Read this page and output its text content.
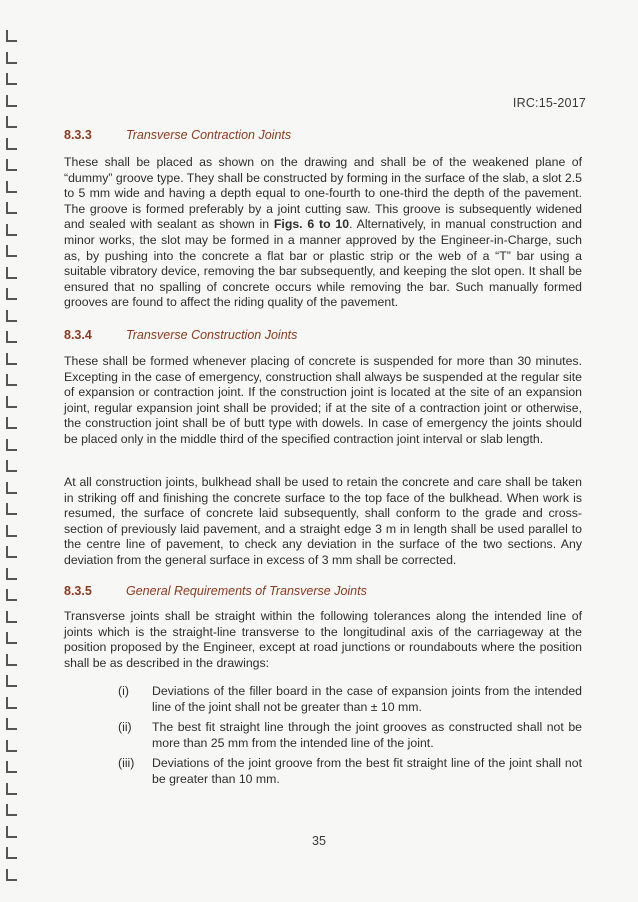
IRC:15-2017
8.3.3	Transverse Contraction Joints
These shall be placed as shown on the drawing and shall be of the weakened plane of “dummy” groove type. They shall be constructed by forming in the surface of the slab, a slot 2.5 to 5 mm wide and having a depth equal to one-fourth to one-third the depth of the pavement. The groove is formed preferably by a joint cutting saw. This groove is subsequently widened and sealed with sealant as shown in Figs. 6 to 10. Alternatively, in manual construction and minor works, the slot may be formed in a manner approved by the Engineer-in-Charge, such as, by pushing into the concrete a flat bar or plastic strip or the web of a “T” bar using a suitable vibratory device, removing the bar subsequently, and keeping the slot open. It shall be ensured that no spalling of concrete occurs while removing the bar. Such manually formed grooves are found to affect the riding quality of the pavement.
8.3.4	Transverse Construction Joints
These shall be formed whenever placing of concrete is suspended for more than 30 minutes. Excepting in the case of emergency, construction shall always be suspended at the regular site of expansion or contraction joint. If the construction joint is located at the site of an expansion joint, regular expansion joint shall be provided; if at the site of a contraction joint or otherwise, the construction joint shall be of butt type with dowels. In case of emergency the joints should be placed only in the middle third of the specified contraction joint interval or slab length.
At all construction joints, bulkhead shall be used to retain the concrete and care shall be taken in striking off and finishing the concrete surface to the top face of the bulkhead. When work is resumed, the surface of concrete laid subsequently, shall conform to the grade and cross-section of previously laid pavement, and a straight edge 3 m in length shall be used parallel to the centre line of pavement, to check any deviation in the surface of the two sections. Any deviation from the general surface in excess of 3 mm shall be corrected.
8.3.5	General Requirements of Transverse Joints
Transverse joints shall be straight within the following tolerances along the intended line of joints which is the straight-line transverse to the longitudinal axis of the carriageway at the position proposed by the Engineer, except at road junctions or roundabouts where the position shall be as described in the drawings:
(i)	Deviations of the filler board in the case of expansion joints from the intended line of the joint shall not be greater than ± 10 mm.
(ii)	The best fit straight line through the joint grooves as constructed shall not be more than 25 mm from the intended line of the joint.
(iii)	Deviations of the joint groove from the best fit straight line of the joint shall not be greater than 10 mm.
35
